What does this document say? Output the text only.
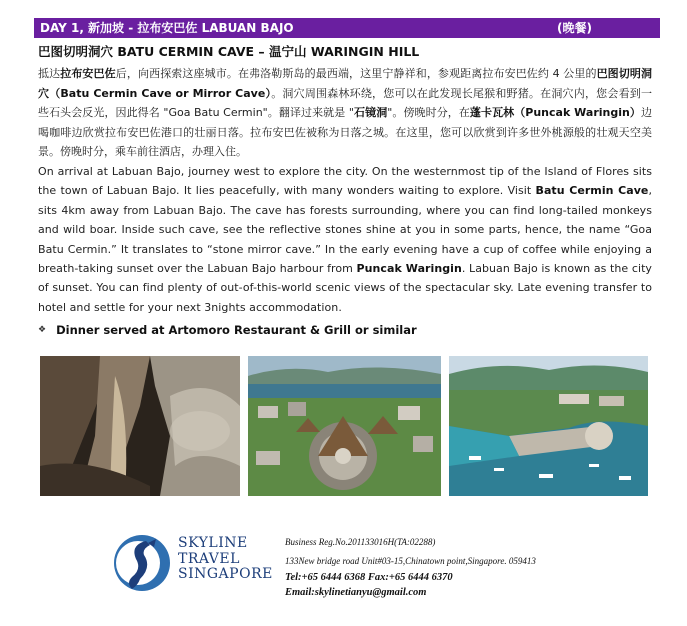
DAY 1, 新加坡 - 拉布安巴佐 LABUAN BAJO	(晚餐)
巴图切明洞穴 BATU CERMIN CAVE – 温宁山 WARINGIN HILL
抵达拉布安巴佐后，向西探索这座城市。在弗洛勒斯岛的最西端，这里宁静祥和，参观距离拉布安巴佐约 4 公里的巴图切明洞穴（Batu Cermin Cave or Mirror Cave）。洞穴周围森林环绕，您可以在此发现长尾猴和野猪。在洞穴内，您会看到一些石头会反光，因此得名 "Goa Batu Cermin"。翻译过来就是 "石镜洞"。傍晚时分，在蓬卡瓦林（Puncak Waringin）边喝咖啡边欣赏拉布安巴佐港口的壮丽日落。拉布安巴佐被称为日落之城。在这里，您可以欣赏到许多世外桃源般的壮观天空美景。傍晚时分，乘车前往酒店，办理入住。
On arrival at Labuan Bajo, journey west to explore the city. On the westernmost tip of the Island of Flores sits the town of Labuan Bajo. It lies peacefully, with many wonders waiting to explore. Visit Batu Cermin Cave, sits 4km away from Labuan Bajo. The cave has forests surrounding, where you can find long-tailed monkeys and wild boar. Inside such cave, see the reflective stones shine at you in some parts, hence, the name “Goa Batu Cermin.” It translates to “stone mirror cave.” In the early evening have a cup of coffee while enjoying a breath-taking sunset over the Labuan Bajo harbour from Puncak Waringin. Labuan Bajo is known as the city of sunset. You can find plenty of out-of-this-world scenic views of the spectacular sky. Late evening transfer to hotel and settle for your next 3nights accommodation.
❖ Dinner served at Artomoro Restaurant & Grill or similar
SKYLINE
TRAVEL
SINGAPORE
Business Reg.No.201133016H(TA:02288)
133New bridge road Unit#03-15,Chinatown point,Singapore. 059413
Tel:+65 6444 6368 Fax:+65 6444 6370
Email:skylinetianyu@gmail.com
